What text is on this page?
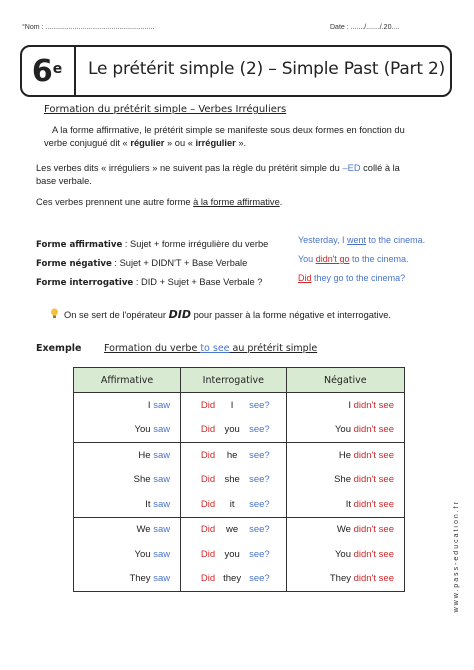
°Nom : ........................................................	Date : ......./......./.20....
6e Le prétérit simple (2) – Simple Past (Part 2)
Formation du prétérit simple – Verbes Irréguliers
A la forme affirmative, le prétérit simple se manifeste sous deux formes en fonction du
verbe conjugué dit « régulier » ou « irrégulier ».
Les verbes dits « irréguliers » ne suivent pas la règle du prétérit simple du –ED collé à la
base verbale.
Ces verbes prennent une autre forme à la forme affirmative.
Forme affirmative : Sujet + forme irrégulière du verbe	Yesterday, I went to the cinema.
Forme négative : Sujet + DIDN'T + Base Verbale	You didn't go to the cinema.
Forme interrogative : DID + Sujet + Base Verbale ?	Did they go to the cinema?
On se sert de l'opérateur DID pour passer à la forme négative et interrogative.
Exemple Formation du verbe to see au prétérit simple
Affirmative	Interrogative	Négative
I saw	Did I see?	I didn't see
You saw	Did you see?	You didn't see
He saw	Did he see?	He didn't see
She saw	Did she see?	She didn't see
It saw	Did it see?	It didn't see
We saw	Did we see?	We didn't see
You saw	Did you see?	You didn't see
They saw	Did they see?	They didn't see	www.pass-education.fr
